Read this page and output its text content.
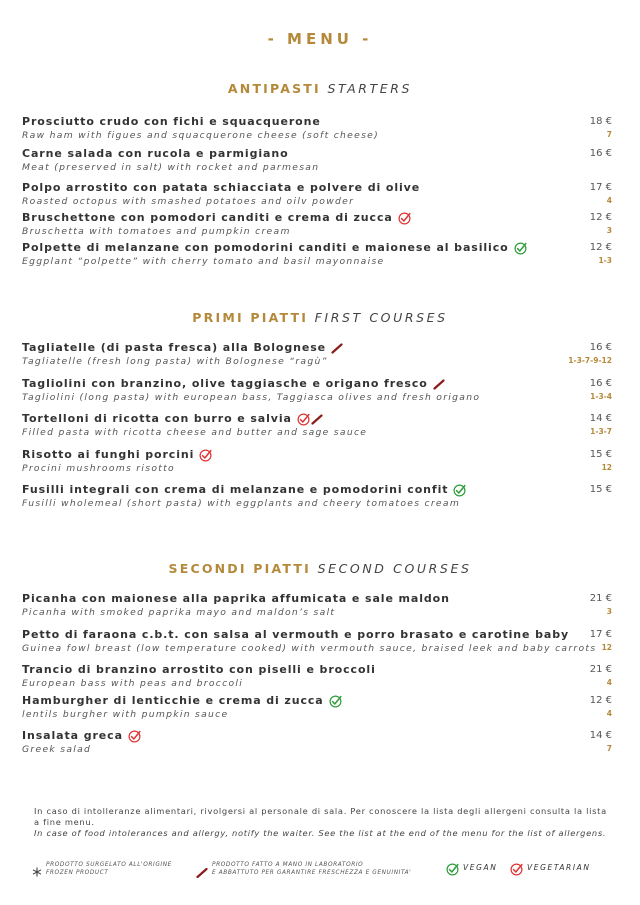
- MENU -
ANTIPASTI STARTERS
Prosciutto crudo con fichi e squacquerone
Raw ham with figues and squacquerone cheese (soft cheese)
18 €
7
Carne salada con rucola e parmigiano
Meat (preserved in salt) with rocket and parmesan
16 €
Polpo arrostito con patata schiacciata e polvere di olive
Roasted octopus with smashed potatoes and oilv powder
17 €
4
Bruschettone con pomodori canditi e crema di zucca
Bruschetta with tomatoes and pumpkin cream
12 €
3
Polpette di melanzane con pomodorini canditi e maionese al basilico
Eggplant “polpette” with cherry tomato and basil mayonnaise
12 €
1-3
PRIMI PIATTI FIRST COURSES
Tagliatelle (di pasta fresca) alla Bolognese
Tagliatelle (fresh long pasta) with Bolognese “ragù”
16 €
1-3-7-9-12
Tagliolini con branzino, olive taggiasche e origano fresco
Tagliolini (long pasta) with european bass, Taggiasca olives and fresh origano
16 €
1-3-4
Tortelloni di ricotta con burro e salvia
Filled pasta with ricotta cheese and butter and sage sauce
14 €
1-3-7
Risotto ai funghi porcini
Procini mushrooms risotto
15 €
12
Fusilli integrali con crema di melanzane e pomodorini confit
Fusilli wholemeal (short pasta) with eggplants and cheery tomatoes cream
15 €
SECONDI PIATTI SECOND COURSES
Picanha con maionese alla paprika affumicata e sale maldon
Picanha with smoked paprika mayo and maldon’s salt
21 €
3
Petto di faraona c.b.t. con salsa al vermouth e porro brasato e carotine baby
Guinea fowl breast (low temperature cooked) with vermouth sauce, braised leek and baby carrots
17 €
12
Trancio di branzino arrostito con piselli e broccoli
European bass with peas and broccoli
21 €
4
Hamburgher di lenticchie e crema di zucca
lentils burgher with pumpkin sauce
12 €
4
Insalata greca
Greek salad
14 €
7
In caso di intolleranze alimentari, rivolgersi al personale di sala. Per conoscere la lista degli allergeni consulta la lista a fine menu.
In case of food intolerances and allergy, notify the waiter. See the list at the end of the menu for the list of allergens.
PRODOTTO SURGELATO ALL'ORIGINE
FROZEN PRODUCT
PRODOTTO FATTO A MANO IN LABORATORIO
E ABBATTUTO PER GARANTIRE FRESCHEZZA E GENUINITA'
VEGAN	VEGETARIAN
